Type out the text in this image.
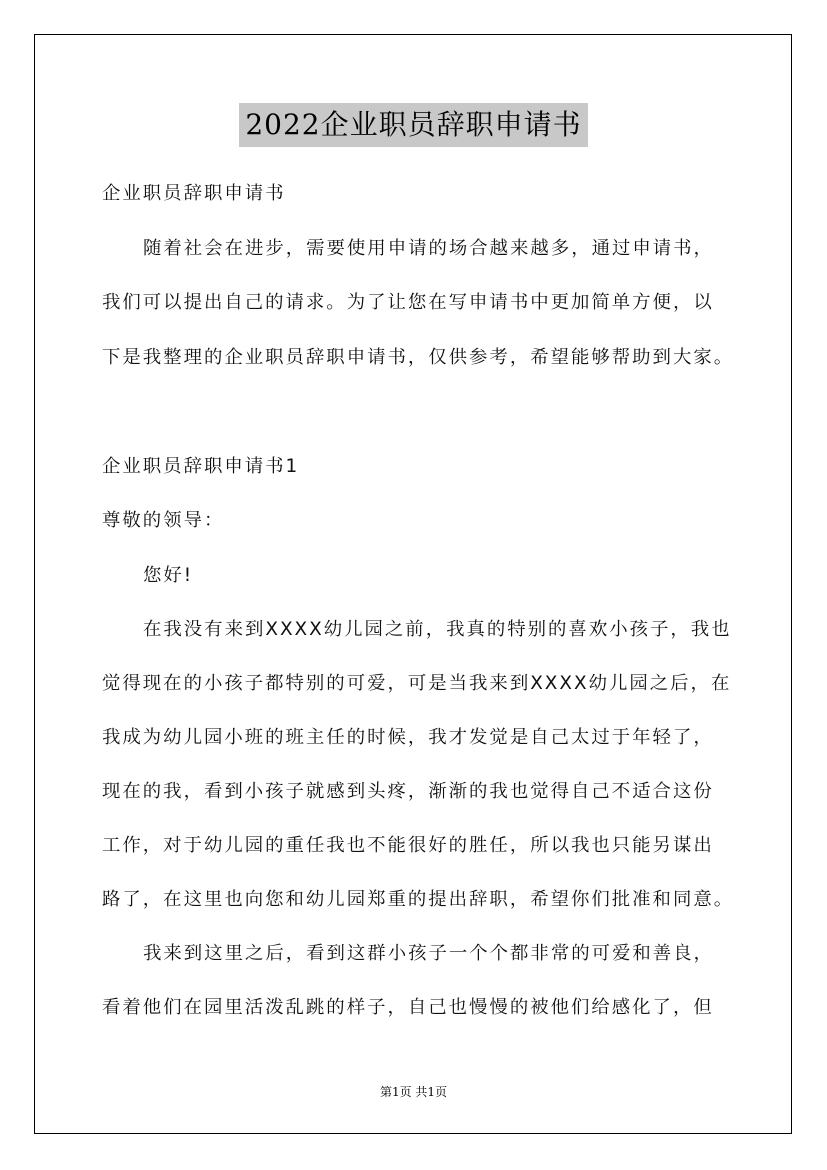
2022企业职员辞职申请书
企业职员辞职申请书
随着社会在进步，需要使用申请的场合越来越多，通过申请书，
我们可以提出自己的请求。为了让您在写申请书中更加简单方便，以
下是我整理的企业职员辞职申请书，仅供参考，希望能够帮助到大家。
企业职员辞职申请书1
尊敬的领导：
您好!
在我没有来到XXXX幼儿园之前，我真的特别的喜欢小孩子，我也
觉得现在的小孩子都特别的可爱，可是当我来到XXXX幼儿园之后，在
我成为幼儿园小班的班主任的时候，我才发觉是自己太过于年轻了，
现在的我，看到小孩子就感到头疼，渐渐的我也觉得自己不适合这份
工作，对于幼儿园的重任我也不能很好的胜任，所以我也只能另谋出
路了，在这里也向您和幼儿园郑重的提出辞职，希望你们批准和同意。
我来到这里之后，看到这群小孩子一个个都非常的可爱和善良，
看着他们在园里活泼乱跳的样子，自己也慢慢的被他们给感化了，但
第1页 共1页
